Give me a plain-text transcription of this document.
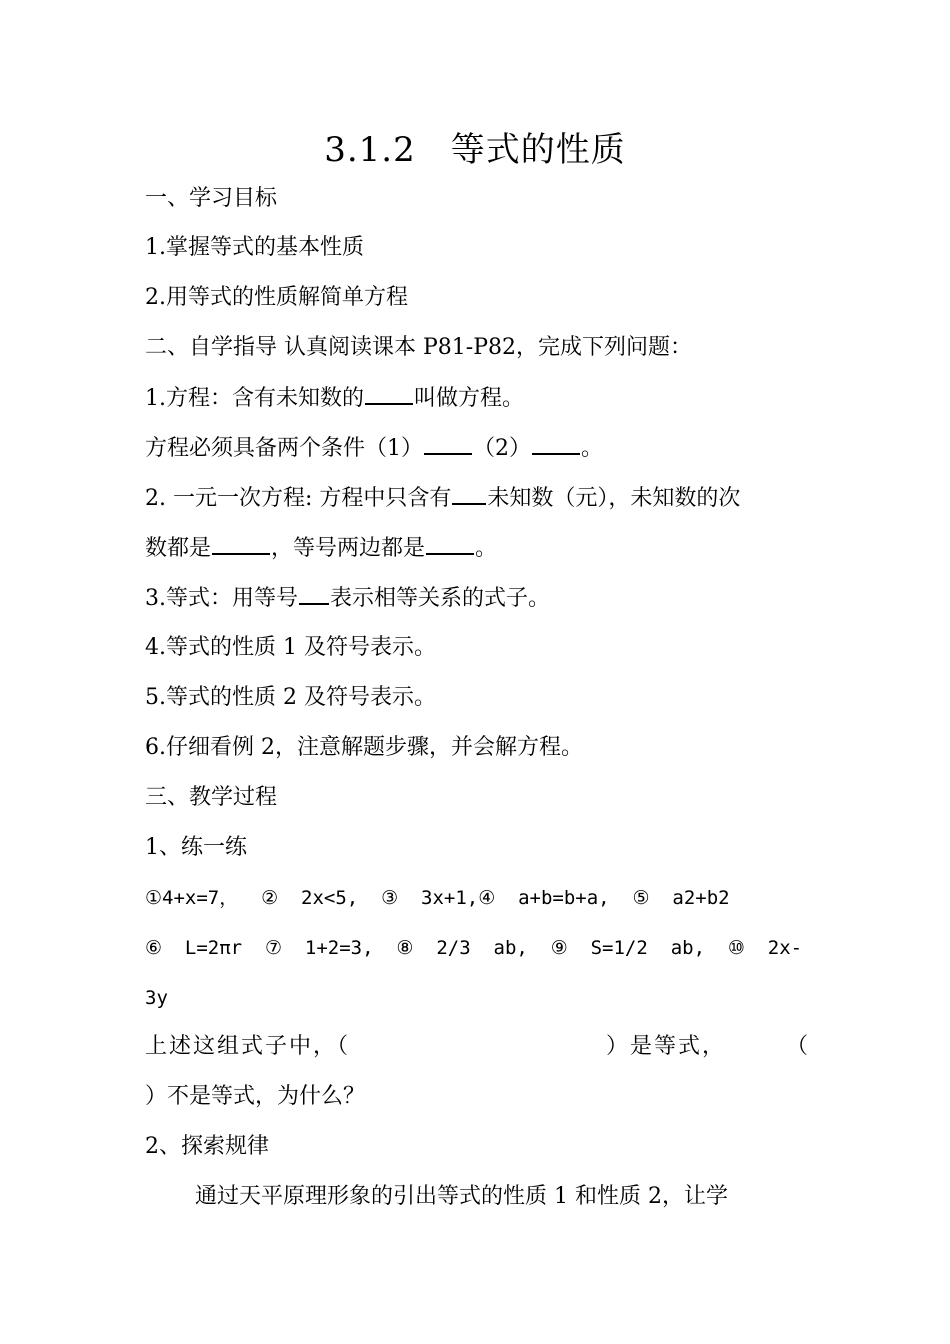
3.1.2　等式的性质
一、学习目标
1.掌握等式的基本性质
2.用等式的性质解简单方程
二、自学指导 认真阅读课本 P81-P82，完成下列问题：
1.方程：含有未知数的 叫做方程。
方程必须具备两个条件（1） （2） 。
2. 一元一次方程: 方程中只含有 未知数（元），未知数的次
数都是	，等号两边都是 。
3.等式：用等号 表示相等关系的式子。
4.等式的性质 1 及符号表示。
5.等式的性质 2 及符号表示。
6.仔细看例 2，注意解题步骤，并会解方程。
三、教学过程
1、练一练
①4+x=7，  ②  2x<5,  ③  3x+1,④  a+b=b+a,  ⑤  a2+b2
⑥  L=2πr  ⑦  1+2=3,  ⑧  2/3  ab,  ⑨  S=1/2  ab,  ⑩  2x-
3y
上述这组式子中，（	）是等式，	（
）不是等式，为什么？
2、探索规律
通过天平原理形象的引出等式的性质 1 和性质 2，让学
